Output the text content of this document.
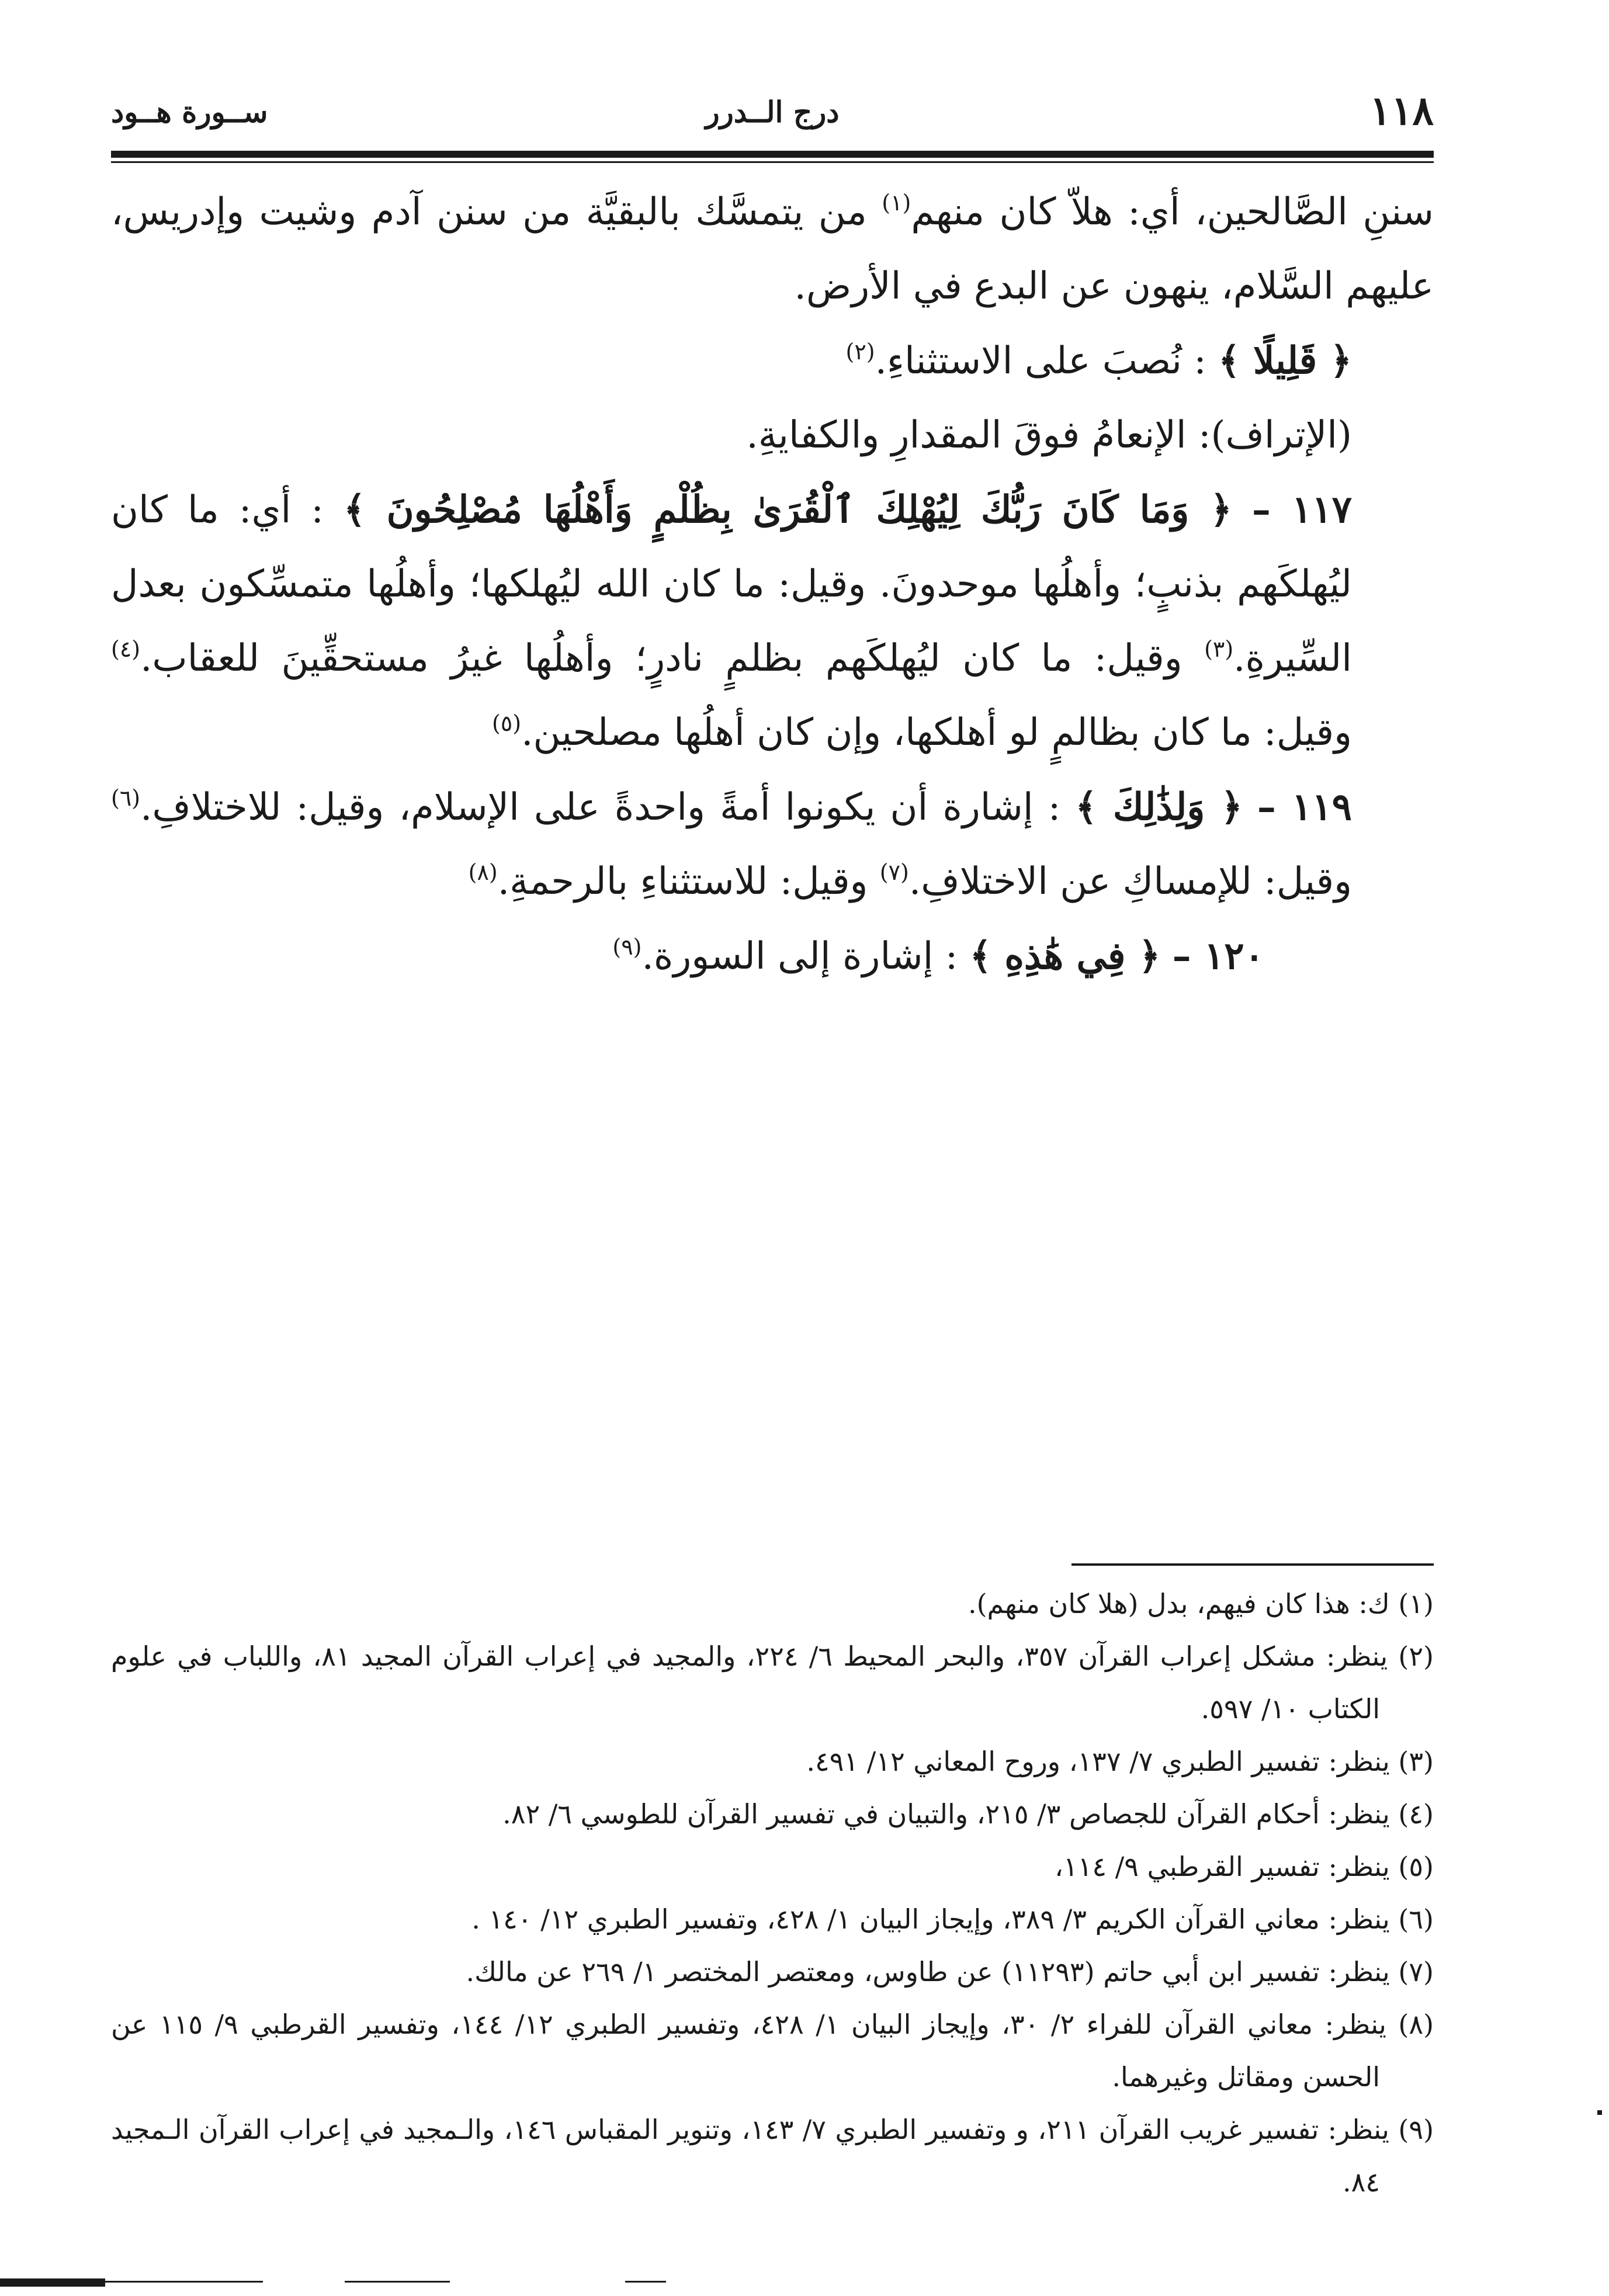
١١٨
درج الــدرر
ســورة هــود

سننِ الصَّالحين، أي: هلاّ كان منهم$^{(١)}$ من يتمسَّك بالبقيَّة من سنن آدم وشيت وإدريس، عليهم السَّلام، ينهون عن البدع في الأرض.

﴿ قَلِيلًا ﴾ : نُصبَ على الاستثناءِ.$^{(٢)}$

(الإتراف): الإنعامُ فوقَ المقدارِ والكفايةِ.

١١٧ – ﴿ وَمَا كَانَ رَبُّكَ لِيُهْلِكَ ٱلْقُرَىٰ بِظُلْمٍ وَأَهْلُهَا مُصْلِحُونَ ﴾ : أي: ما كان ليُهلكَهم بذنبٍ؛ وأهلُها موحدونَ. وقيل: ما كان الله ليُهلكها؛ وأهلُها متمسِّكون بعدل السِّيرةِ.$^{(٣)}$ وقيل: ما كان ليُهلكَهم بظلمٍ نادرٍ؛ وأهلُها غيرُ مستحقِّينَ للعقاب.$^{(٤)}$ وقيل: ما كان بظالمٍ لو أهلكها، وإن كان أهلُها مصلحين.$^{(٥)}$

١١٩ – ﴿ وَلِذَٰلِكَ ﴾ : إشارة أن يكونوا أمةً واحدةً على الإسلام، وقيل: للاختلافِ.$^{(٦)}$ وقيل: للإمساكِ عن الاختلافِ.$^{(٧)}$ وقيل: للاستثناءِ بالرحمةِ.$^{(٨)}$

١٢٠ – ﴿ فِي هَٰذِهِ ﴾ : إشارة إلى السورة.$^{(٩)}$

(١) ك: هذا كان فيهم، بدل (هلا كان منهم).

(٢) ينظر: مشكل إعراب القرآن ٣٥٧، والبحر المحيط ٦/ ٢٢٤، والمجيد في إعراب القرآن المجيد ٨١، واللباب في علوم الكتاب ١٠/ ٥٩٧.

(٣) ينظر: تفسير الطبري ٧/ ١٣٧، وروح المعاني ١٢/ ٤٩١.

(٤) ينظر: أحكام القرآن للجصاص ٣/ ٢١٥، والتبيان في تفسير القرآن للطوسي ٦/ ٨٢.

(٥) ينظر: تفسير القرطبي ٩/ ١١٤،

(٦) ينظر: معاني القرآن الكريم ٣/ ٣٨٩، وإيجاز البيان ١/ ٤٢٨، وتفسير الطبري ١٢/ ١٤٠ .

(٧) ينظر: تفسير ابن أبي حاتم (١١٢٩٣) عن طاوس، ومعتصر المختصر ١/ ٢٦٩ عن مالك.

(٨) ينظر: معاني القرآن للفراء ٢/ ٣٠، وإيجاز البيان ١/ ٤٢٨، وتفسير الطبري ١٢/ ١٤٤، وتفسير القرطبي ٩/ ١١٥ عن الحسن ومقاتل وغيرهما.

(٩) ينظر: تفسير غريب القرآن ٢١١، و وتفسير الطبري ٧/ ١٤٣، وتنوير المقباس ١٤٦، والـمجيد في إعراب القرآن الـمجيد ٨٤.
